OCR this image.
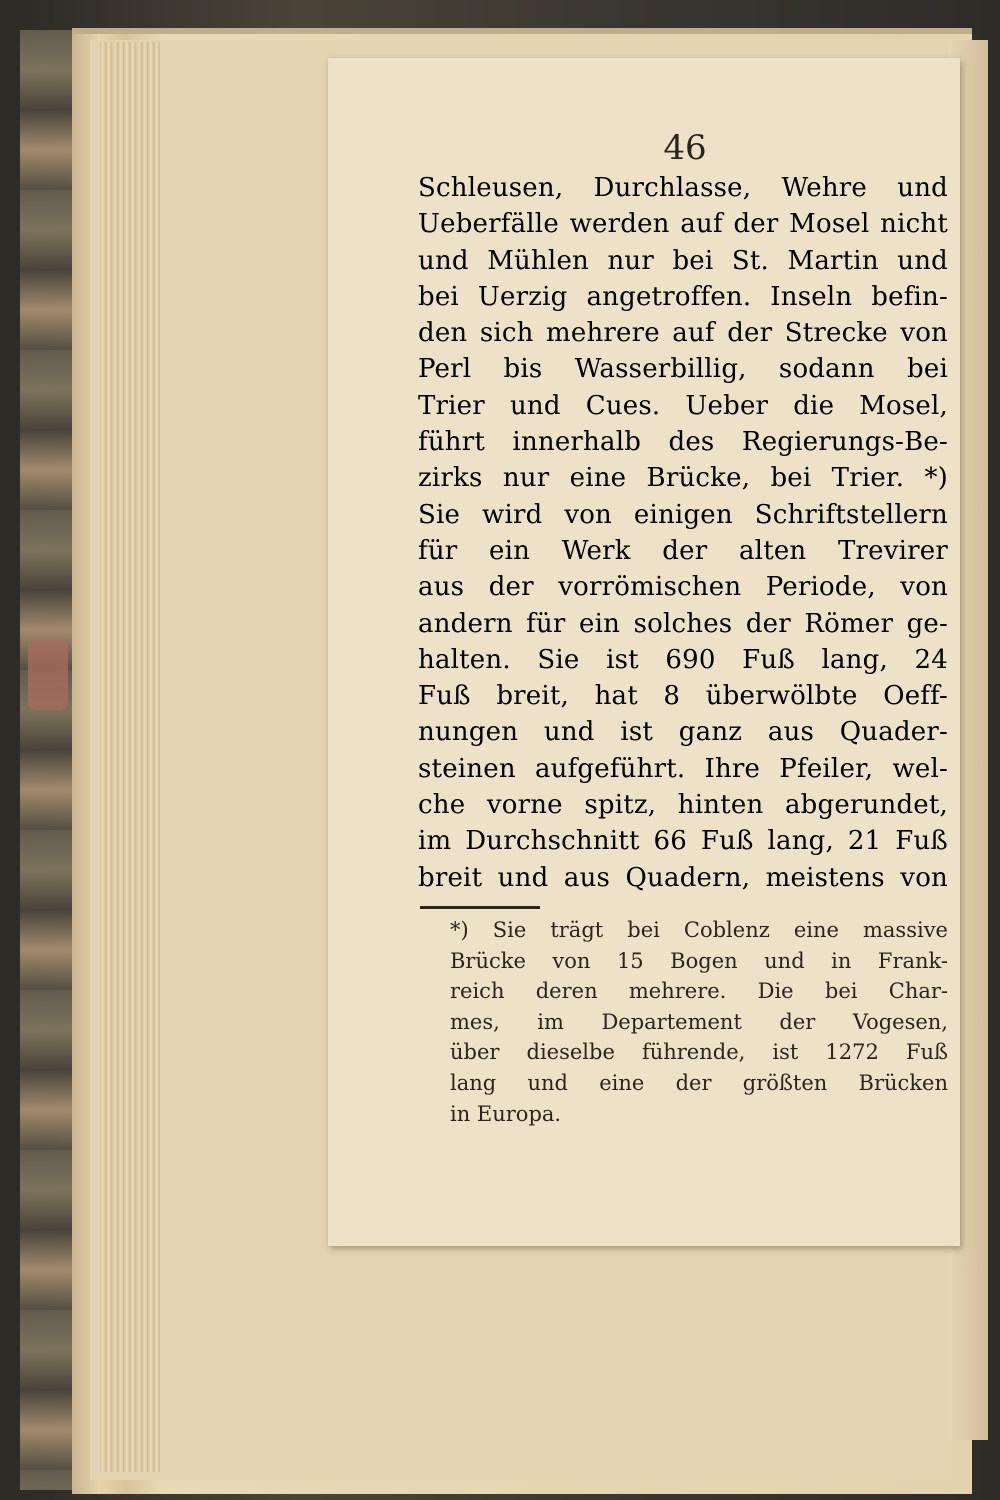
46
Schleusen, Durchlasse, Wehre und
Ueberfälle werden auf der Mosel nicht
und Mühlen nur bei St. Martin und
bei Uerzig angetroffen. Inseln befin-
den sich mehrere auf der Strecke von
Perl bis Wasserbillig, sodann bei
Trier und Cues. Ueber die Mosel,
führt innerhalb des Regierungs-Be-
zirks nur eine Brücke, bei Trier. *)
Sie wird von einigen Schriftstellern
für ein Werk der alten Trevirer
aus der vorrömischen Periode, von
andern für ein solches der Römer ge-
halten. Sie ist 690 Fuß lang, 24
Fuß breit, hat 8 überwölbte Oeff-
nungen und ist ganz aus Quader-
steinen aufgeführt. Ihre Pfeiler, wel-
che vorne spitz, hinten abgerundet,
im Durchschnitt 66 Fuß lang, 21 Fuß
breit und aus Quadern, meistens von
*) Sie trägt bei Coblenz eine massive
Brücke von 15 Bogen und in Frank-
reich deren mehrere. Die bei Char-
mes, im Departement der Vogesen,
über dieselbe führende, ist 1272 Fuß
lang und eine der größten Brücken
in Europa.
